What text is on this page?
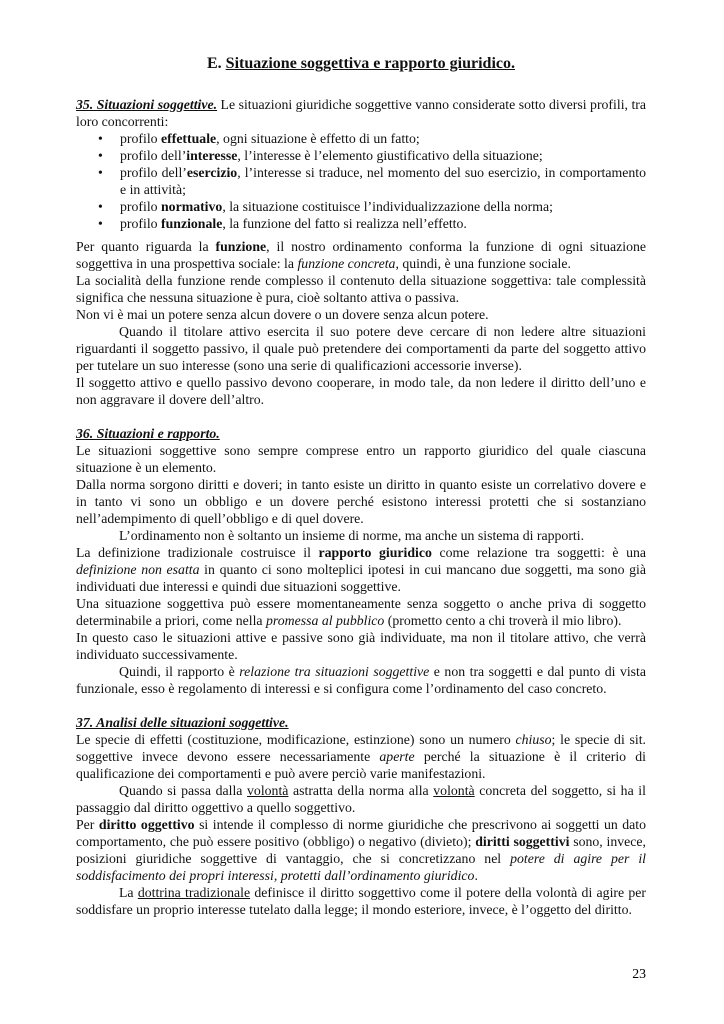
E. Situazione soggettiva e rapporto giuridico.

35. Situazioni soggettive. Le situazioni giuridiche soggettive vanno considerate sotto diversi profili, tra loro concorrenti:

• profilo effettuale, ogni situazione è effetto di un fatto;
• profilo dell’interesse, l’interesse è l’elemento giustificativo della situazione;
• profilo dell’esercizio, l’interesse si traduce, nel momento del suo esercizio, in comportamento e in attività;
• profilo normativo, la situazione costituisce l’individualizzazione della norma;
• profilo funzionale, la funzione del fatto si realizza nell’effetto.

Per quanto riguarda la funzione, il nostro ordinamento conforma la funzione di ogni situazione soggettiva in una prospettiva sociale: la funzione concreta, quindi, è una funzione sociale.

La socialità della funzione rende complesso il contenuto della situazione soggettiva: tale complessità significa che nessuna situazione è pura, cioè soltanto attiva o passiva.

Non vi è mai un potere senza alcun dovere o un dovere senza alcun potere.

Quando il titolare attivo esercita il suo potere deve cercare di non ledere altre situazioni riguardanti il soggetto passivo, il quale può pretendere dei comportamenti da parte del soggetto attivo per tutelare un suo interesse (sono una serie di qualificazioni accessorie inverse).

Il soggetto attivo e quello passivo devono cooperare, in modo tale, da non ledere il diritto dell’uno e non aggravare il dovere dell’altro.

36. Situazioni e rapporto.

Le situazioni soggettive sono sempre comprese entro un rapporto giuridico del quale ciascuna situazione è un elemento.

Dalla norma sorgono diritti e doveri; in tanto esiste un diritto in quanto esiste un correlativo dovere e in tanto vi sono un obbligo e un dovere perché esistono interessi protetti che si sostanziano nell’adempimento di quell’obbligo e di quel dovere.

L’ordinamento non è soltanto un insieme di norme, ma anche un sistema di rapporti.

La definizione tradizionale costruisce il rapporto giuridico come relazione tra soggetti: è una definizione non esatta in quanto ci sono molteplici ipotesi in cui mancano due soggetti, ma sono già individuati due interessi e quindi due situazioni soggettive.

Una situazione soggettiva può essere momentaneamente senza soggetto o anche priva di soggetto determinabile a priori, come nella promessa al pubblico (prometto cento a chi troverà il mio libro).

In questo caso le situazioni attive e passive sono già individuate, ma non il titolare attivo, che verrà individuato successivamente.

Quindi, il rapporto è relazione tra situazioni soggettive e non tra soggetti e dal punto di vista funzionale, esso è regolamento di interessi e si configura come l’ordinamento del caso concreto.

37. Analisi delle situazioni soggettive.

Le specie di effetti (costituzione, modificazione, estinzione) sono un numero chiuso; le specie di sit. soggettive invece devono essere necessariamente aperte perché la situazione è il criterio di qualificazione dei comportamenti e può avere perciò varie manifestazioni.

Quando si passa dalla volontà astratta della norma alla volontà concreta del soggetto, si ha il passaggio dal diritto oggettivo a quello soggettivo.

Per diritto oggettivo si intende il complesso di norme giuridiche che prescrivono ai soggetti un dato comportamento, che può essere positivo (obbligo) o negativo (divieto); diritti soggettivi sono, invece, posizioni giuridiche soggettive di vantaggio, che si concretizzano nel potere di agire per il soddisfacimento dei propri interessi, protetti dall’ordinamento giuridico.

La dottrina tradizionale definisce il diritto soggettivo come il potere della volontà di agire per soddisfare un proprio interesse tutelato dalla legge; il mondo esteriore, invece, è l’oggetto del diritto.

23
